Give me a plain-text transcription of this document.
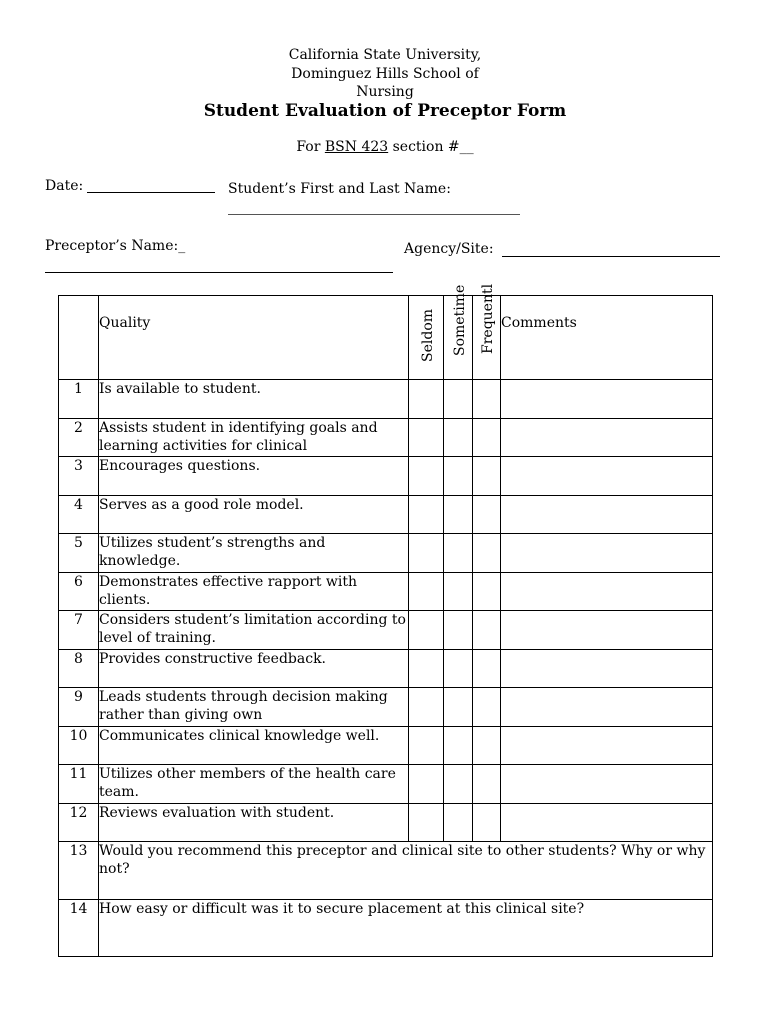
California State University,
Dominguez Hills School of
Nursing
Student Evaluation of Preceptor Form
For BSN 423 section #__
Date:	Student’s First and Last Name:
Preceptor’s Name:_	Agency/Site:
	Quality	Seldom	Sometime	Frequentl	Comments
1	Is available to student.				
2	Assists student in identifying goals and learning activities for clinical				
3	Encourages questions.				
4	Serves as a good role model.				
5	Utilizes student’s strengths and knowledge.				
6	Demonstrates effective rapport with clients.				
7	Considers student’s limitation according to level of training.				
8	Provides constructive feedback.				
9	Leads students through decision making rather than giving own				
10	Communicates clinical knowledge well.				
11	Utilizes other members of the health care team.				
12	Reviews evaluation with student.				
13	Would you recommend this preceptor and clinical site to other students? Why or why not?				
14	How easy or difficult was it to secure placement at this clinical site?				
